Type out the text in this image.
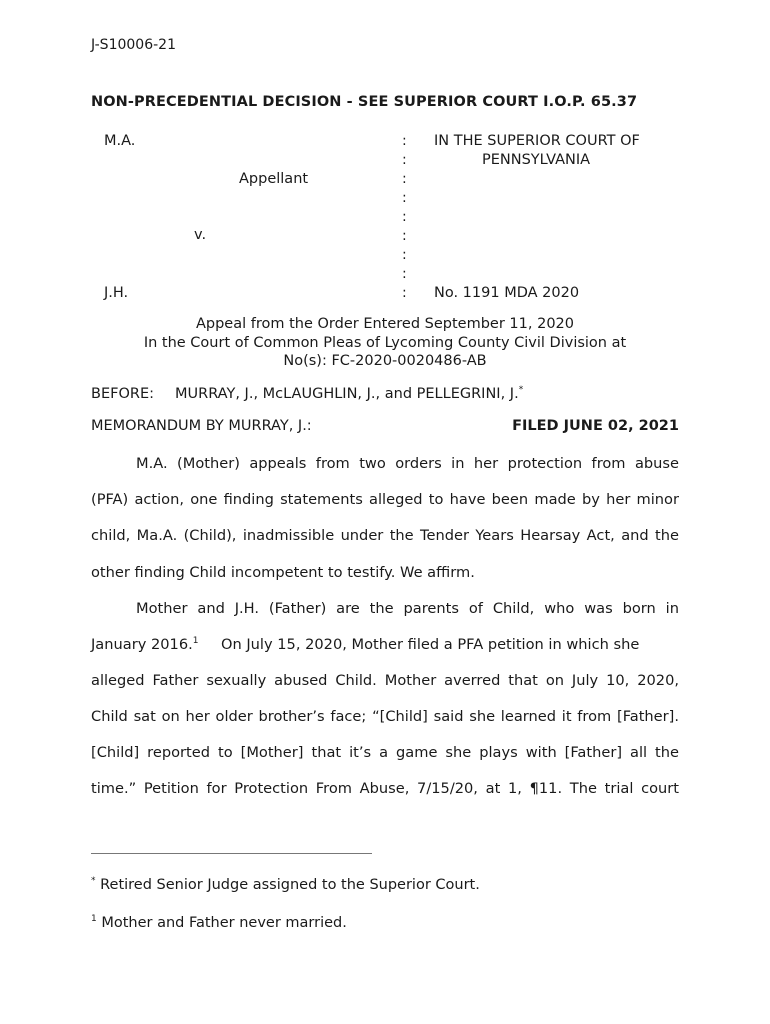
J-S10006-21
NON-PRECEDENTIAL DECISION - SEE SUPERIOR COURT I.O.P. 65.37
M.A.
Appellant
v.
J.H.
:
:
:
:
:
:
:
:
:
IN THE SUPERIOR COURT OF
PENNSYLVANIA
No. 1191 MDA 2020
Appeal from the Order Entered September 11, 2020
In the Court of Common Pleas of Lycoming County Civil Division at
No(s): FC-2020-0020486-AB
BEFORE: MURRAY, J., McLAUGHLIN, J., and PELLEGRINI, J.*
MEMORANDUM BY MURRAY, J.:	FILED JUNE 02, 2021
M.A. (Mother) appeals from two orders in her protection from abuse
(PFA) action, one finding statements alleged to have been made by her minor
child, Ma.A. (Child), inadmissible under the Tender Years Hearsay Act, and the
other finding Child incompetent to testify. We affirm.
Mother and J.H. (Father) are the parents of Child, who was born in
January 2016.$^1$	On July 15, 2020, Mother filed a PFA petition in which she
alleged Father sexually abused Child. Mother averred that on July 10, 2020,
Child sat on her older brother’s face; “[Child] said she learned it from [Father].
[Child] reported to [Mother] that it’s a game she plays with [Father] all the
time.” Petition for Protection From Abuse, 7/15/20, at 1, ¶11. The trial court
* Retired Senior Judge assigned to the Superior Court.
$^1$ Mother and Father never married.
